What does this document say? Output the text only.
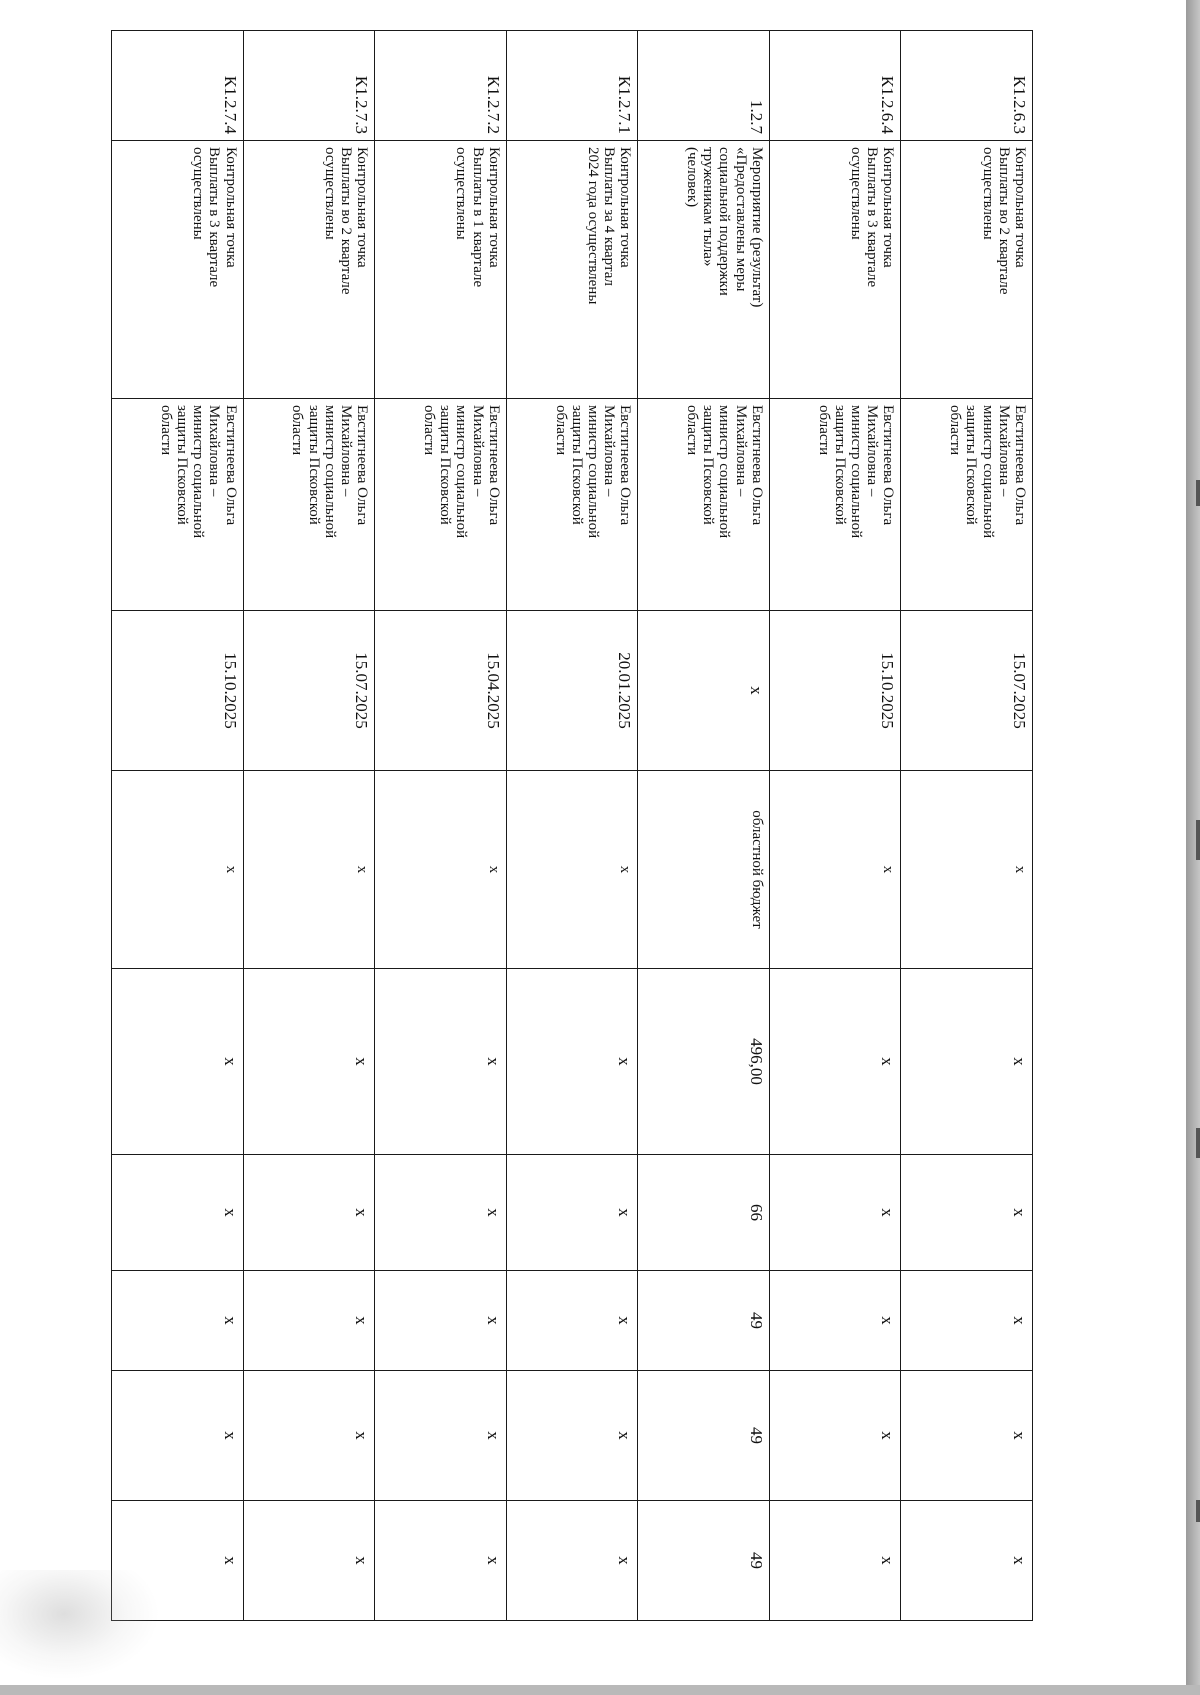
К1.2.6.3	Контрольная точка
Выплаты во 2 квартале
осуществлены	Евстигнеева Ольга
Михайловна –
министр социальной
защиты Псковской
области	15.07.2025	х	х	х	х	х	х
К1.2.6.4	Контрольная точка
Выплаты в 3 квартале
осуществлены	Евстигнеева Ольга
Михайловна –
министр социальной
защиты Псковской
области	15.10.2025	х	х	х	х	х	х
1.2.7	Мероприятие (результат)
«Предоставлены меры
социальной поддержки
труженикам тыла»
(человек)	Евстигнеева Ольга
Михайловна –
министр социальной
защиты Псковской
области	х	областной бюджет	496,00	66	49	49	49
К1.2.7.1	Контрольная точка
Выплаты за 4 квартал
2024 года осуществлены	Евстигнеева Ольга
Михайловна –
министр социальной
защиты Псковской
области	20.01.2025	х	х	х	х	х	х
К1.2.7.2	Контрольная точка
Выплаты в 1 квартале
осуществлены	Евстигнеева Ольга
Михайловна –
министр социальной
защиты Псковской
области	15.04.2025	х	х	х	х	х	х
К1.2.7.3	Контрольная точка
Выплаты во 2 квартале
осуществлены	Евстигнеева Ольга
Михайловна –
министр социальной
защиты Псковской
области	15.07.2025	х	х	х	х	х	х
К1.2.7.4	Контрольная точка
Выплаты в 3 квартале
осуществлены	Евстигнеева Ольга
Михайловна –
министр социальной
защиты Псковской
области	15.10.2025	х	х	х	х	х	х
